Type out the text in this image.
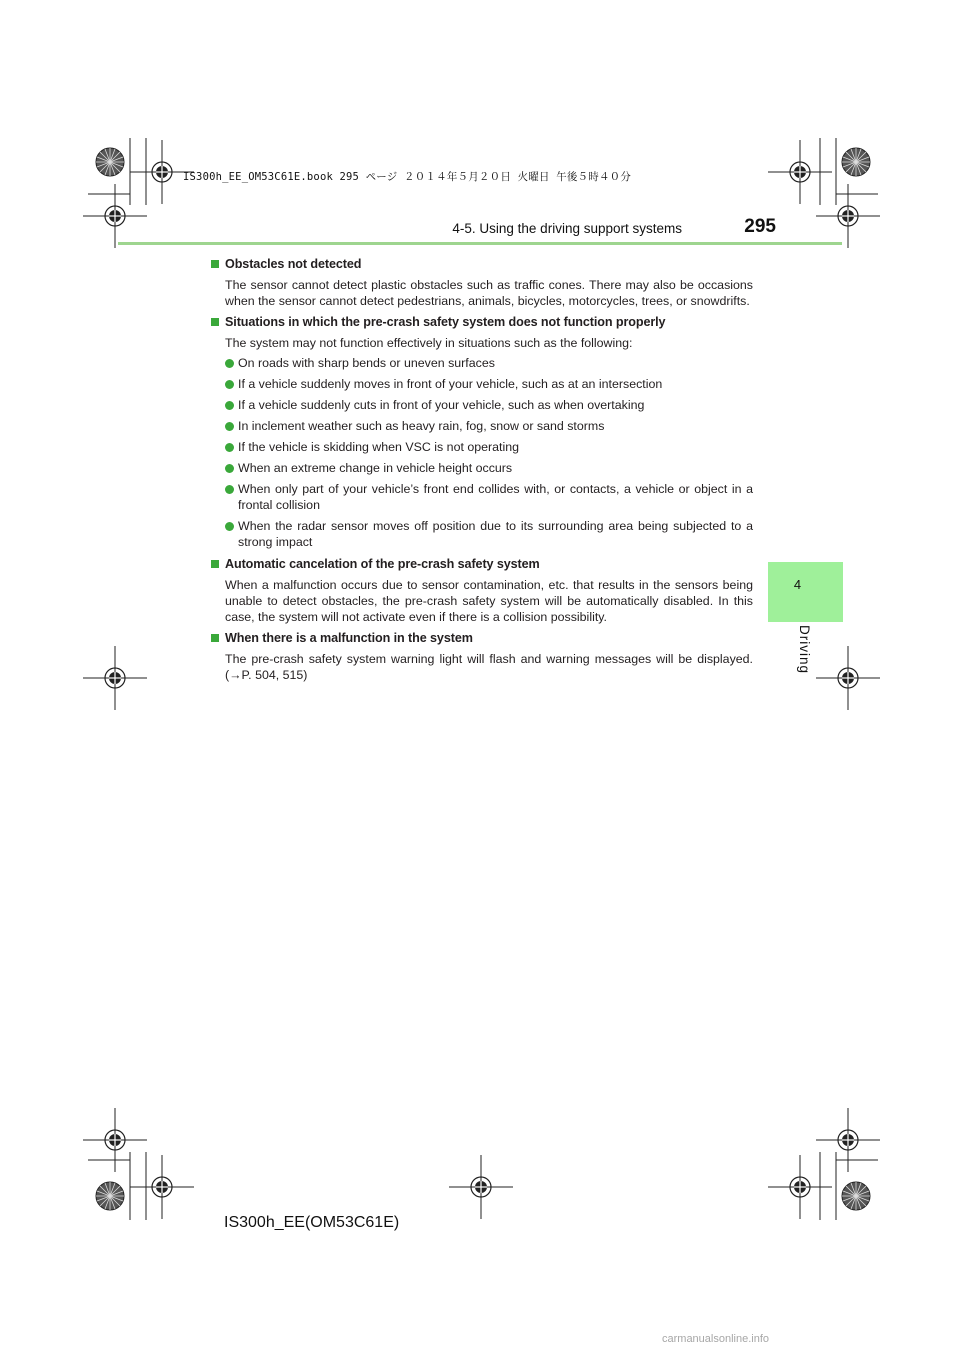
IS300h_EE_OM53C61E.book 295 ページ ２０１４年５月２０日 火曜日 午後５時４０分
4-5. Using the driving support systems	295
4
Driving
Obstacles not detected
The sensor cannot detect plastic obstacles such as traffic cones. There may also be occasions when the sensor cannot detect pedestrians, animals, bicycles, motorcycles, trees, or snowdrifts.
Situations in which the pre-crash safety system does not function properly
The system may not function effectively in situations such as the following:
On roads with sharp bends or uneven surfaces
If a vehicle suddenly moves in front of your vehicle, such as at an intersection
If a vehicle suddenly cuts in front of your vehicle, such as when overtaking
In inclement weather such as heavy rain, fog, snow or sand storms
If the vehicle is skidding when VSC is not operating
When an extreme change in vehicle height occurs
When only part of your vehicle’s front end collides with, or contacts, a vehicle or object in a frontal collision
When the radar sensor moves off position due to its surrounding area being subjected to a strong impact
Automatic cancelation of the pre-crash safety system
When a malfunction occurs due to sensor contamination, etc. that results in the sensors being unable to detect obstacles, the pre-crash safety system will be automatically disabled. In this case, the system will not activate even if there is a collision possibility.
When there is a malfunction in the system
The pre-crash safety system warning light will flash and warning messages will be displayed. (→P. 504, 515)
IS300h_EE(OM53C61E)
carmanualsonline.info
